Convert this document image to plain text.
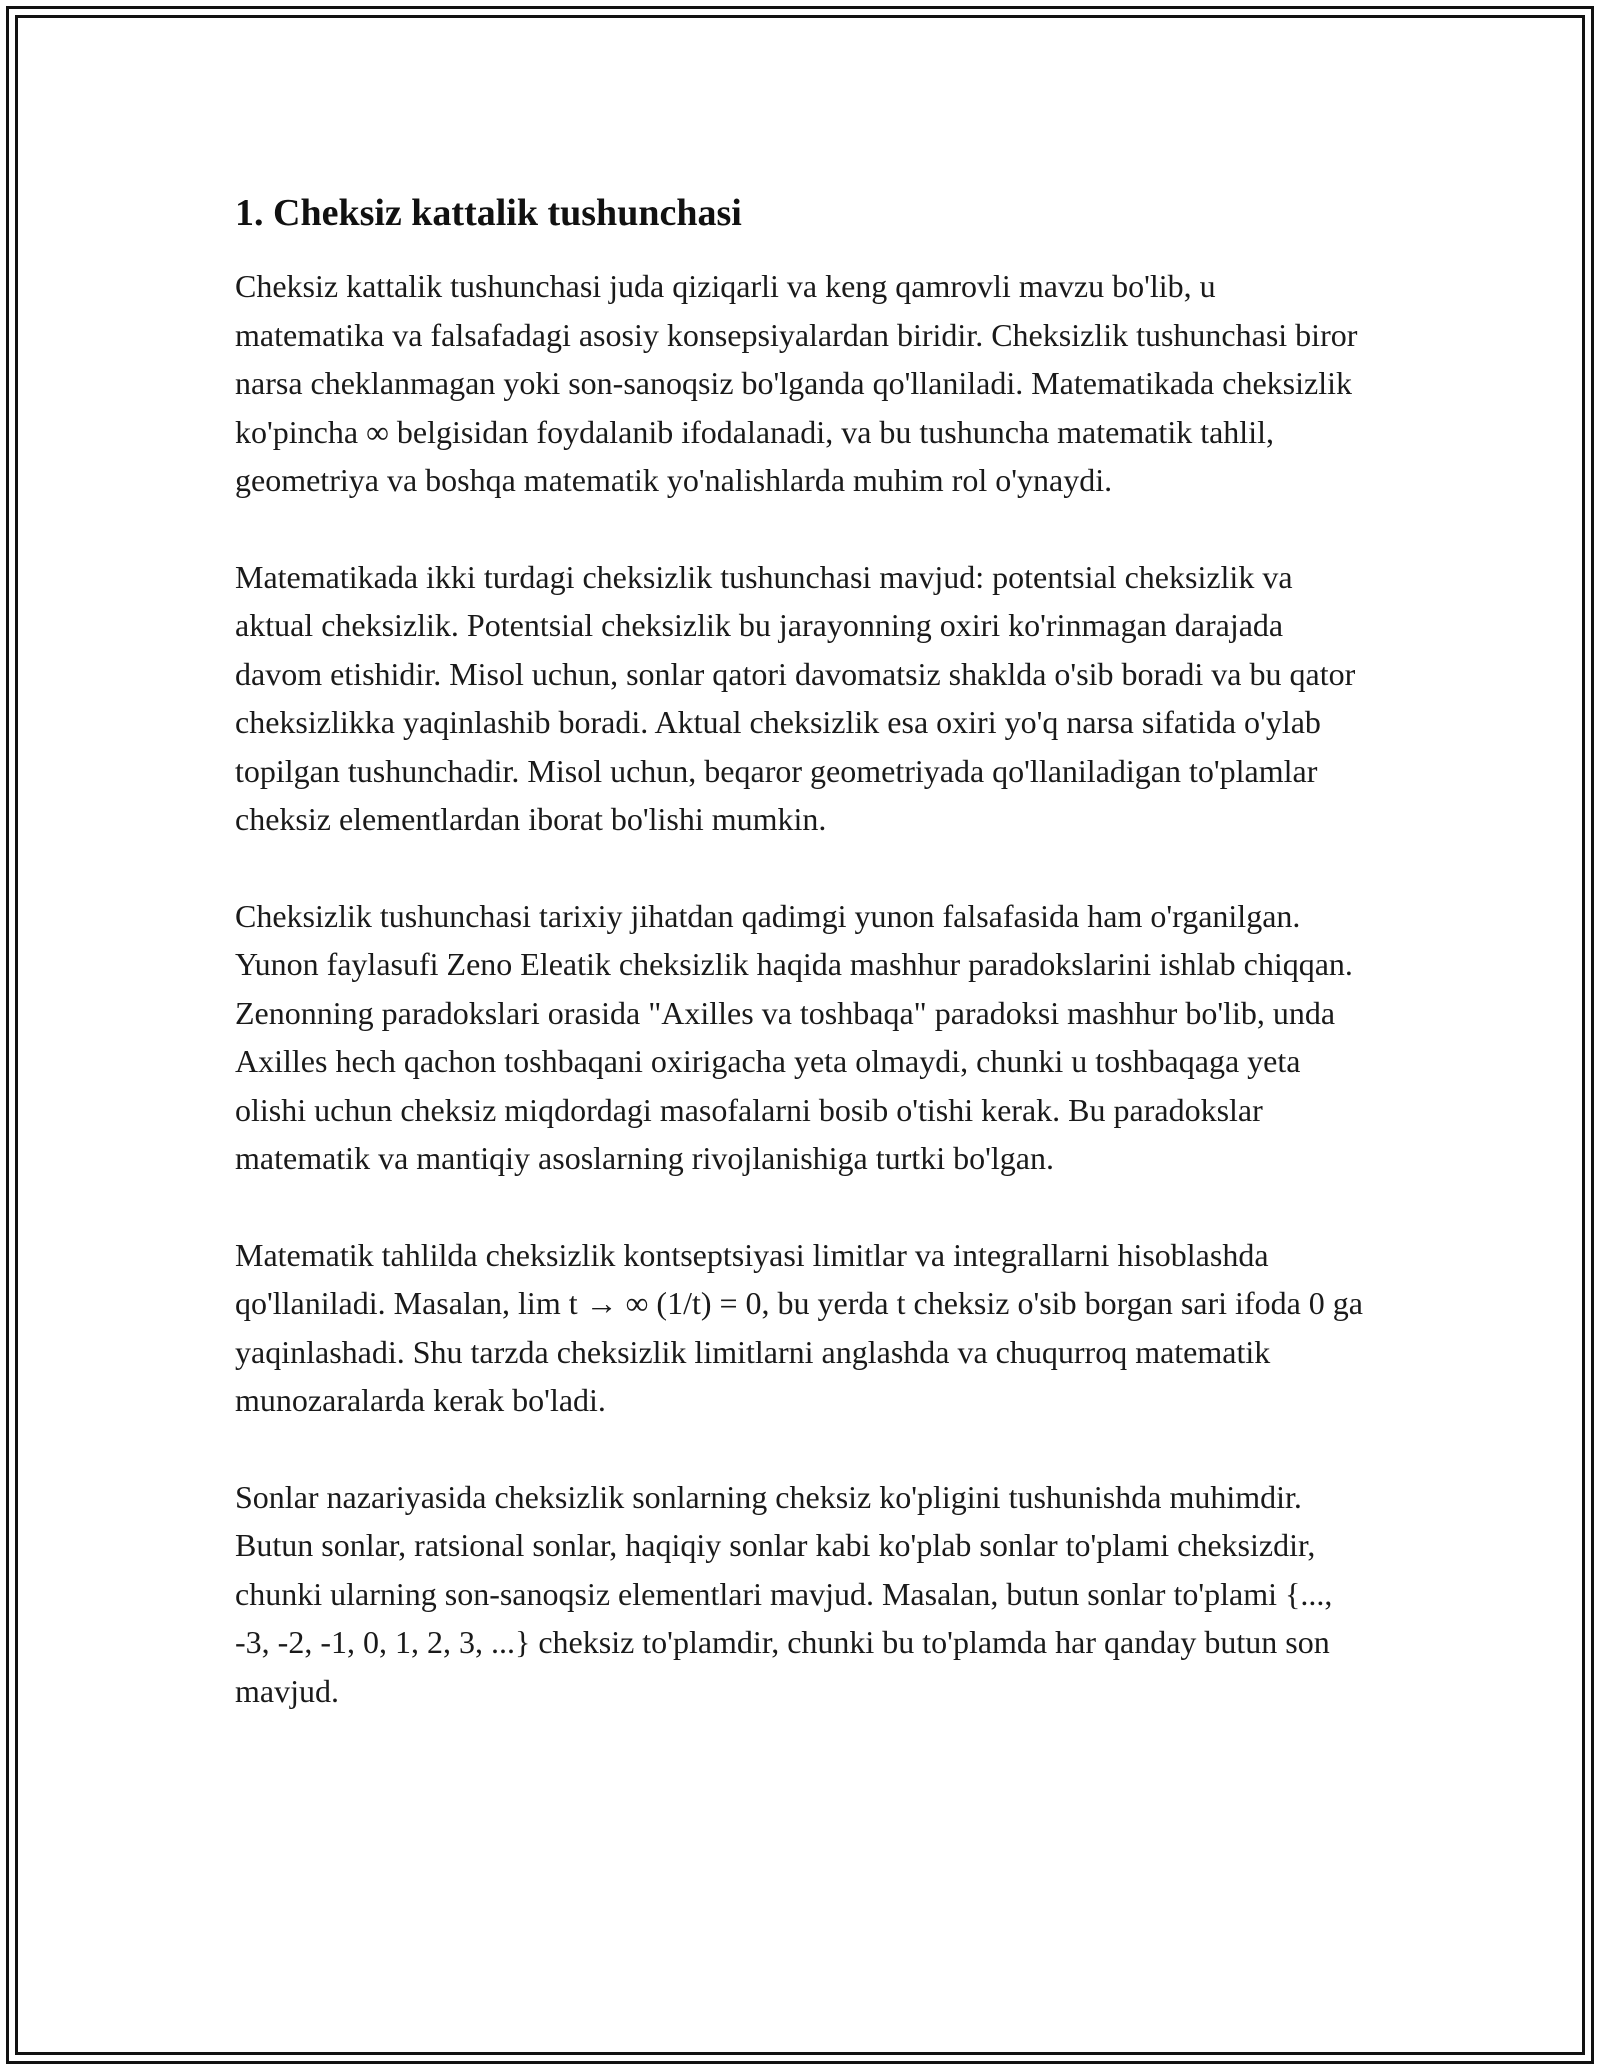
1. Cheksiz kattalik tushunchasi

Cheksiz kattalik tushunchasi juda qiziqarli va keng qamrovli mavzu bo'lib, u matematika va falsafadagi asosiy konsepsiyalardan biridir. Cheksizlik tushunchasi biror narsa cheklanmagan yoki son-sanoqsiz bo'lganda qo'llaniladi. Matematikada cheksizlik ko'pincha ∞ belgisidan foydalanib ifodalanadi, va bu tushuncha matematik tahlil, geometriya va boshqa matematik yo'nalishlarda muhim rol o'ynaydi.

Matematikada ikki turdagi cheksizlik tushunchasi mavjud: potentsial cheksizlik va aktual cheksizlik. Potentsial cheksizlik bu jarayonning oxiri ko'rinmagan darajada davom etishidir. Misol uchun, sonlar qatori davomatsiz shaklda o'sib boradi va bu qator cheksizlikka yaqinlashib boradi. Aktual cheksizlik esa oxiri yo'q narsa sifatida o'ylab topilgan tushunchadir. Misol uchun, beqaror geometriyada qo'llaniladigan to'plamlar cheksiz elementlardan iborat bo'lishi mumkin.

Cheksizlik tushunchasi tarixiy jihatdan qadimgi yunon falsafasida ham o'rganilgan. Yunon faylasufi Zeno Eleatik cheksizlik haqida mashhur paradokslarini ishlab chiqqan. Zenonning paradokslari orasida "Axilles va toshbaqa" paradoksi mashhur bo'lib, unda Axilles hech qachon toshbaqani oxirigacha yeta olmaydi, chunki u toshbaqaga yeta olishi uchun cheksiz miqdordagi masofalarni bosib o'tishi kerak. Bu paradokslar matematik va mantiqiy asoslarning rivojlanishiga turtki bo'lgan.

Matematik tahlilda cheksizlik kontseptsiyasi limitlar va integrallarni hisoblashda qo'llaniladi. Masalan, lim t → ∞ (1/t) = 0, bu yerda t cheksiz o'sib borgan sari ifoda 0 ga yaqinlashadi. Shu tarzda cheksizlik limitlarni anglashda va chuqurroq matematik munozaralarda kerak bo'ladi.

Sonlar nazariyasida cheksizlik sonlarning cheksiz ko'pligini tushunishda muhimdir. Butun sonlar, ratsional sonlar, haqiqiy sonlar kabi ko'plab sonlar to'plami cheksizdir, chunki ularning son-sanoqsiz elementlari mavjud. Masalan, butun sonlar to'plami {..., -3, -2, -1, 0, 1, 2, 3, ...} cheksiz to'plamdir, chunki bu to'plamda har qanday butun son mavjud.
